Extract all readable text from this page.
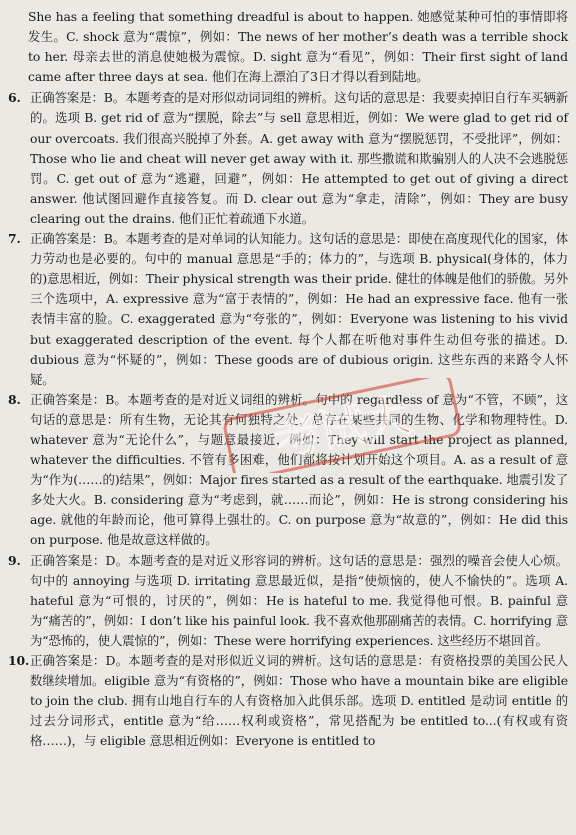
She has a feeling that something dreadful is about to happen. 她感觉某种可怕的事情即将发生。C. shock 意为“震惊”，例如：The news of her mother’s death was a terrible shock to her. 母亲去世的消息使她极为震惊。D. sight 意为“看见”，例如：Their first sight of land came after three days at sea. 他们在海上漂泊了3日才得以看到陆地。

6. 正确答案是：B。本题考查的是对形似动词词组的辨析。这句话的意思是：我要卖掉旧自行车买辆新的。选项 B. get rid of 意为“摆脱，除去”与 sell 意思相近，例如：We were glad to get rid of our overcoats. 我们很高兴脱掉了外套。A. get away with 意为“摆脱惩罚，不受批评”，例如：Those who lie and cheat will never get away with it. 那些撒谎和欺骗别人的人决不会逃脱惩罚。C. get out of 意为“逃避，回避”，例如：He attempted to get out of giving a direct answer. 他试图回避作直接答复。而 D. clear out 意为“拿走，清除”，例如：They are busy clearing out the drains. 他们正忙着疏通下水道。
7. 正确答案是：B。本题考查的是对单词的认知能力。这句话的意思是：即使在高度现代化的国家，体力劳动也是必要的。句中的 manual 意思是“手的；体力的”，与选项 B. physical(身体的，体力的)意思相近，例如：Their physical strength was their pride. 健壮的体魄是他们的骄傲。另外三个选项中，A. expressive 意为“富于表情的”，例如：He had an expressive face. 他有一张表情丰富的脸。C. exaggerated 意为“夸张的”，例如：Everyone was listening to his vivid but exaggerated description of the event. 每个人都在听他对事件生动但夸张的描述。D. dubious 意为“怀疑的”，例如：These goods are of dubious origin. 这些东西的来路令人怀疑。
8. 正确答案是：B。本题考查的是对近义词组的辨析。句中的 regardless of 意为“不管，不顾”，这句话的意思是：所有生物，无论其有何独特之处，总存在某些共同的生物、化学和物理特性。D. whatever 意为“无论什么”，与题意最接近，例如：They will start the project as planned, whatever the difficulties. 不管有多困难，他们都将按计划开始这个项目。A. as a result of 意为“作为(……的)结果”，例如：Major fires started as a result of the earthquake. 地震引发了多处大火。B. considering 意为“考虑到，就……而论”，例如：He is strong considering his age. 就他的年龄而论，他可算得上强壮的。C. on purpose 意为“故意的”，例如：He did this on purpose. 他是故意这样做的。
9. 正确答案是：D。本题考查的是对近义形容词的辨析。这句话的意思是：强烈的噪音会使人心烦。句中的 annoying 与选项 D. irritating 意思最近似，是指“使烦恼的，使人不愉快的”。选项 A. hateful 意为“可恨的，讨厌的”，例如：He is hateful to me. 我觉得他可恨。B. painful 意为“痛苦的”，例如：I don’t like his painful look. 我不喜欢他那副痛苦的表情。C. horrifying 意为“恐怖的，使人震惊的”，例如：These were horrifying experiences. 这些经历不堪回首。
10. 正确答案是：D。本题考查的是对形似近义词的辨析。这句话的意思是：有资格投票的美国公民人数继续增加。eligible 意为“有资格的”，例如：Those who have a mountain bike are eligible to join the club. 拥有山地自行车的人有资格加入此俱乐部。选项 D. entitled 是动词 entitle 的过去分词形式，entitle 意为“给……权利或资格”，常见搭配为 be entitled to...(有权或有资格……)，与 eligible 意思相近例如：Everyone is entitled to
考试大
